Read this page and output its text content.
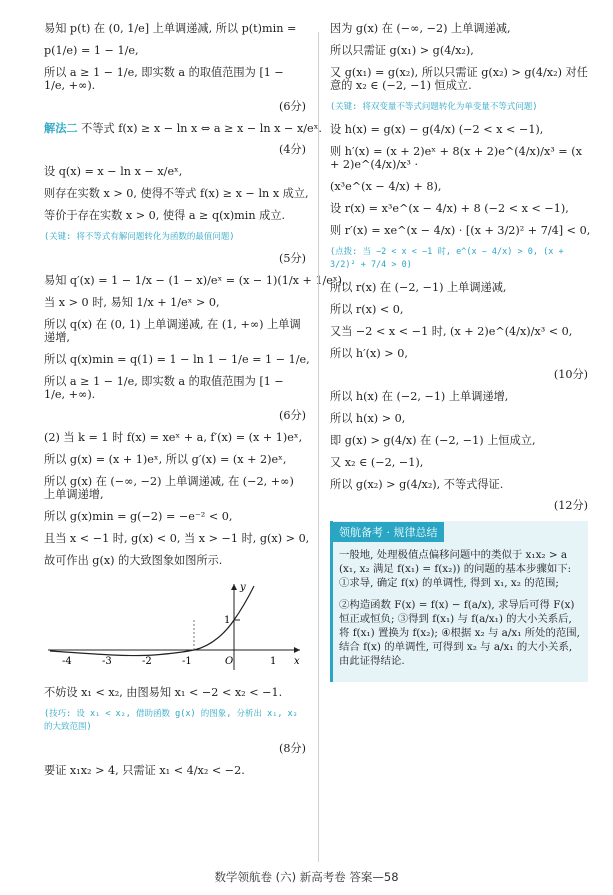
易知 p(t) 在 (0, 1/e] 上单调递减, 所以 p(t)min =

p(1/e) = 1 − 1/e,

所以 a ≥ 1 − 1/e, 即实数 a 的取值范围为 [1 − 1/e, +∞).

(6分)

解法二 不等式 f(x) ≥ x − ln x ⇔ a ≥ x − ln x − x/eˣ.

(4分)

设 q(x) = x − ln x − x/eˣ,

则存在实数 x > 0, 使得不等式 f(x) ≥ x − ln x 成立,

等价于存在实数 x > 0, 使得 a ≥ q(x)min 成立.

(关键: 将不等式有解问题转化为函数的最值问题)

(5分)

易知 q′(x) = 1 − 1/x − (1 − x)/eˣ = (x − 1)(1/x + 1/eˣ),

当 x > 0 时, 易知 1/x + 1/eˣ > 0,

所以 q(x) 在 (0, 1) 上单调递减, 在 (1, +∞) 上单调递增,

所以 q(x)min = q(1) = 1 − ln 1 − 1/e = 1 − 1/e,

所以 a ≥ 1 − 1/e, 即实数 a 的取值范围为 [1 − 1/e, +∞).

(6分)

(2) 当 k = 1 时 f(x) = xeˣ + a, f′(x) = (x + 1)eˣ,

所以 g(x) = (x + 1)eˣ, 所以 g′(x) = (x + 2)eˣ,

所以 g(x) 在 (−∞, −2) 上单调递减, 在 (−2, +∞) 上单调递增,

所以 g(x)min = g(−2) = −e⁻² < 0,

且当 x < −1 时, g(x) < 0, 当 x > −1 时, g(x) > 0,

故可作出 g(x) 的大致图象如图所示.

-4	-3	-2	-1	1
O	x
y
1

不妨设 x₁ < x₂, 由图易知 x₁ < −2 < x₂ < −1.

(技巧: 设 x₁ < x₂, 借助函数 g(x) 的图象, 分析出 x₁, x₂ 的大致范围)

(8分)

要证 x₁x₂ > 4, 只需证 x₁ < 4/x₂ < −2.

因为 g(x) 在 (−∞, −2) 上单调递减,

所以只需证 g(x₁) > g(4/x₂),

又 g(x₁) = g(x₂), 所以只需证 g(x₂) > g(4/x₂) 对任意的 x₂ ∈ (−2, −1) 恒成立.

(关键: 将双变量不等式问题转化为单变量不等式问题)

设 h(x) = g(x) − g(4/x) (−2 < x < −1),

则 h′(x) = (x + 2)eˣ + 8(x + 2)e^(4/x)/x³ = (x + 2)e^(4/x)/x³ ·

(x³e^(x − 4/x) + 8),

设 r(x) = x³e^(x − 4/x) + 8 (−2 < x < −1),

则 r′(x) = xe^(x − 4/x) · [(x + 3/2)² + 7/4] < 0,

(点拨: 当 −2 < x < −1 时, e^(x − 4/x) > 0, (x + 3/2)² + 7/4 > 0)

所以 r(x) 在 (−2, −1) 上单调递减,

所以 r(x) < 0,

又当 −2 < x < −1 时, (x + 2)e^(4/x)/x³ < 0,

所以 h′(x) > 0,

(10分)

所以 h(x) 在 (−2, −1) 上单调递增,

所以 h(x) > 0,

即 g(x) > g(4/x) 在 (−2, −1) 上恒成立,

又 x₂ ∈ (−2, −1),

所以 g(x₂) > g(4/x₂), 不等式得证.

(12分)
领航备考 · 规律总结

一般地, 处理极值点偏移问题中的类似于 x₁x₂ > a (x₁, x₂ 满足 f(x₁) = f(x₂)) 的问题的基本步骤如下: ①求导, 确定 f(x) 的单调性, 得到 x₁, x₂ 的范围;

②构造函数 F(x) = f(x) − f(a/x), 求导后可得 F(x) 恒正或恒负; ③得到 f(x₁) 与 f(a/x₁) 的大小关系后, 将 f(x₁) 置换为 f(x₂); ④根据 x₂ 与 a/x₁ 所处的范围, 结合 f(x) 的单调性, 可得到 x₂ 与 a/x₁ 的大小关系, 由此证得结论.

数学领航卷 (六) 新高考卷 答案—58
